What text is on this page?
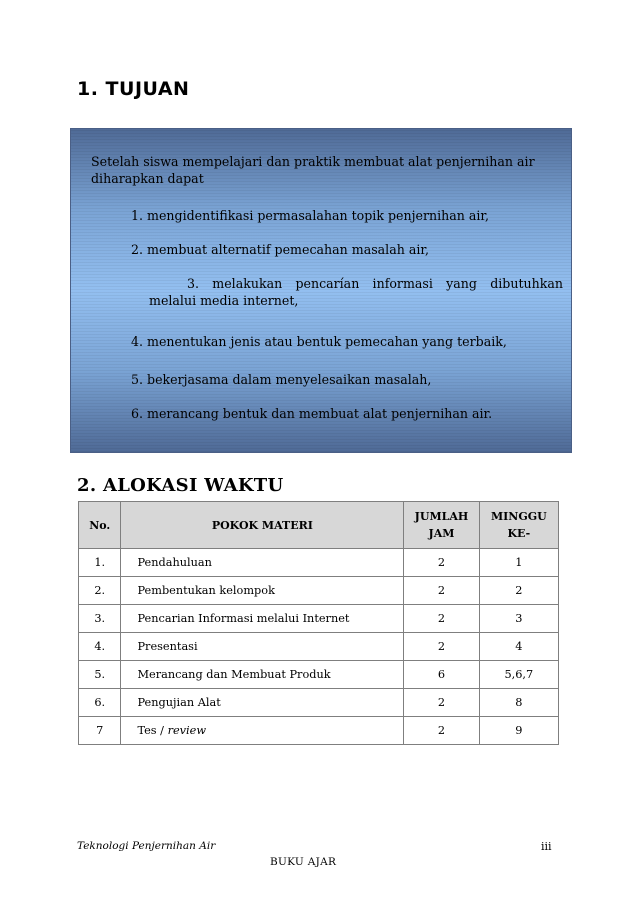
1. TUJUAN
Setelah siswa mempelajari dan praktik membuat alat penjernihan air diharapkan dapat
1. mengidentifikasi permasalahan topik penjernihan air,
2. membuat alternatif pemecahan masalah air,
3. melakukan pencarían informasi yang dibutuhkan melalui media internet,
4. menentukan jenis atau bentuk pemecahan yang terbaik,
5. bekerjasama dalam menyelesaikan masalah,
6. merancang bentuk dan membuat alat penjernihan air.
2. ALOKASI WAKTU
No.	POKOK MATERI	JUMLAH JAM	MINGGU KE-
1.	Pendahuluan	2	1
2.	Pembentukan kelompok	2	2
3.	Pencarian Informasi melalui Internet	2	3
4.	Presentasi	2	4
5.	Merancang dan Membuat Produk	6	5,6,7
6.	Pengujian Alat	2	8
7	Tes / review	2	9
Teknologi Penjernihan Air	iii
BUKU AJAR
